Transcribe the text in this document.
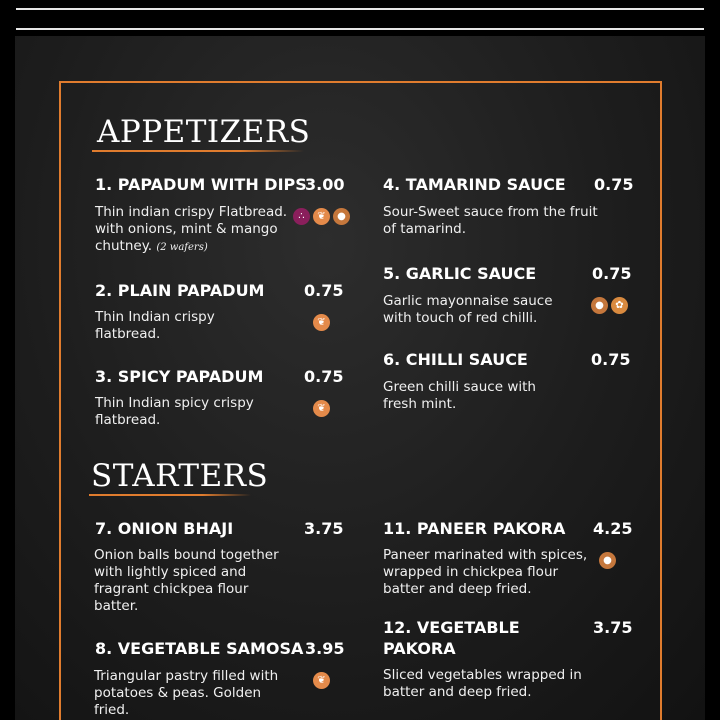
APPETIZERS
1. PAPADUM WITH DIPS
3.00
Thin indian crispy Flatbread. with onions, mint & mango chutney. (2 wafers)
∴	❦	●
2. PLAIN PAPADUM 0.75
Thin Indian crispy flatbread.
❦
3. SPICY PAPADUM	0.75
Thin Indian spicy crispy flatbread.
❦
4. TAMARIND SAUCE 0.75
Sour-Sweet sauce from the fruit of tamarind.
5. GARLIC SAUCE	0.75
Garlic mayonnaise sauce with touch of red chilli.
●	✿
6. CHILLI SAUCE	0.75
Green chilli sauce with fresh mint.
STARTERS
7. ONION BHAJI	3.75
Onion balls bound together with lightly spiced and fragrant chickpea flour batter.
8. VEGETABLE SAMOSA 3.95
Triangular pastry filled with potatoes & peas. Golden fried.
❦
11. PANEER PAKORA 4.25
Paneer marinated with spices, wrapped in chickpea flour batter and deep fried.
●
12. VEGETABLE PAKORA
3.75
Sliced vegetables wrapped in batter and deep fried.
